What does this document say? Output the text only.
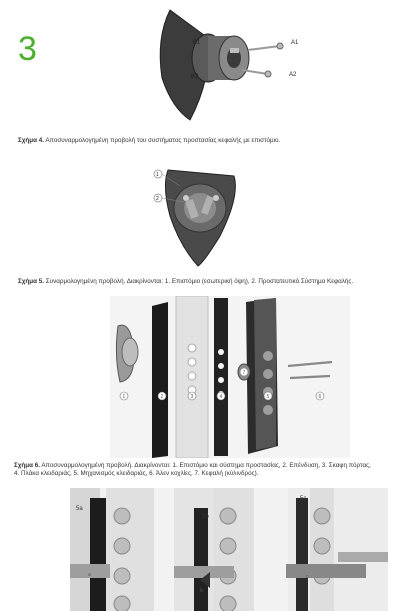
3	B1
B2
A1
A2
Σχήμα 4. Αποσυναρμολογημένη προβολή του συστήματος προστασίας κεφαλής με επιστόμιο.
1
2
Σχήμα 5. Συναρμολογημένη προβολή. Διακρίνονται: 1. Επιστόμιο (εσωτερική όψη), 2. Προστατευτικό Σύστημα Κεφαλής.
1	2	3	4	5	6
7
Σχήμα 6. Αποσυναρμολογημένη προβολή. Διακρίνονται: 1. Επιστόμιο και σύστημα προστασίας, 2. Επένδυση, 3. Σκαφη πόρτας,
4. Πλάκα κλειδαριάς, 5. Μηχανισμός κλειδαριάς, 6. Άλεν κοχλίες, 7. Κεφαλή (κύλινδρος).
5a
5b
5c
a
b
c
